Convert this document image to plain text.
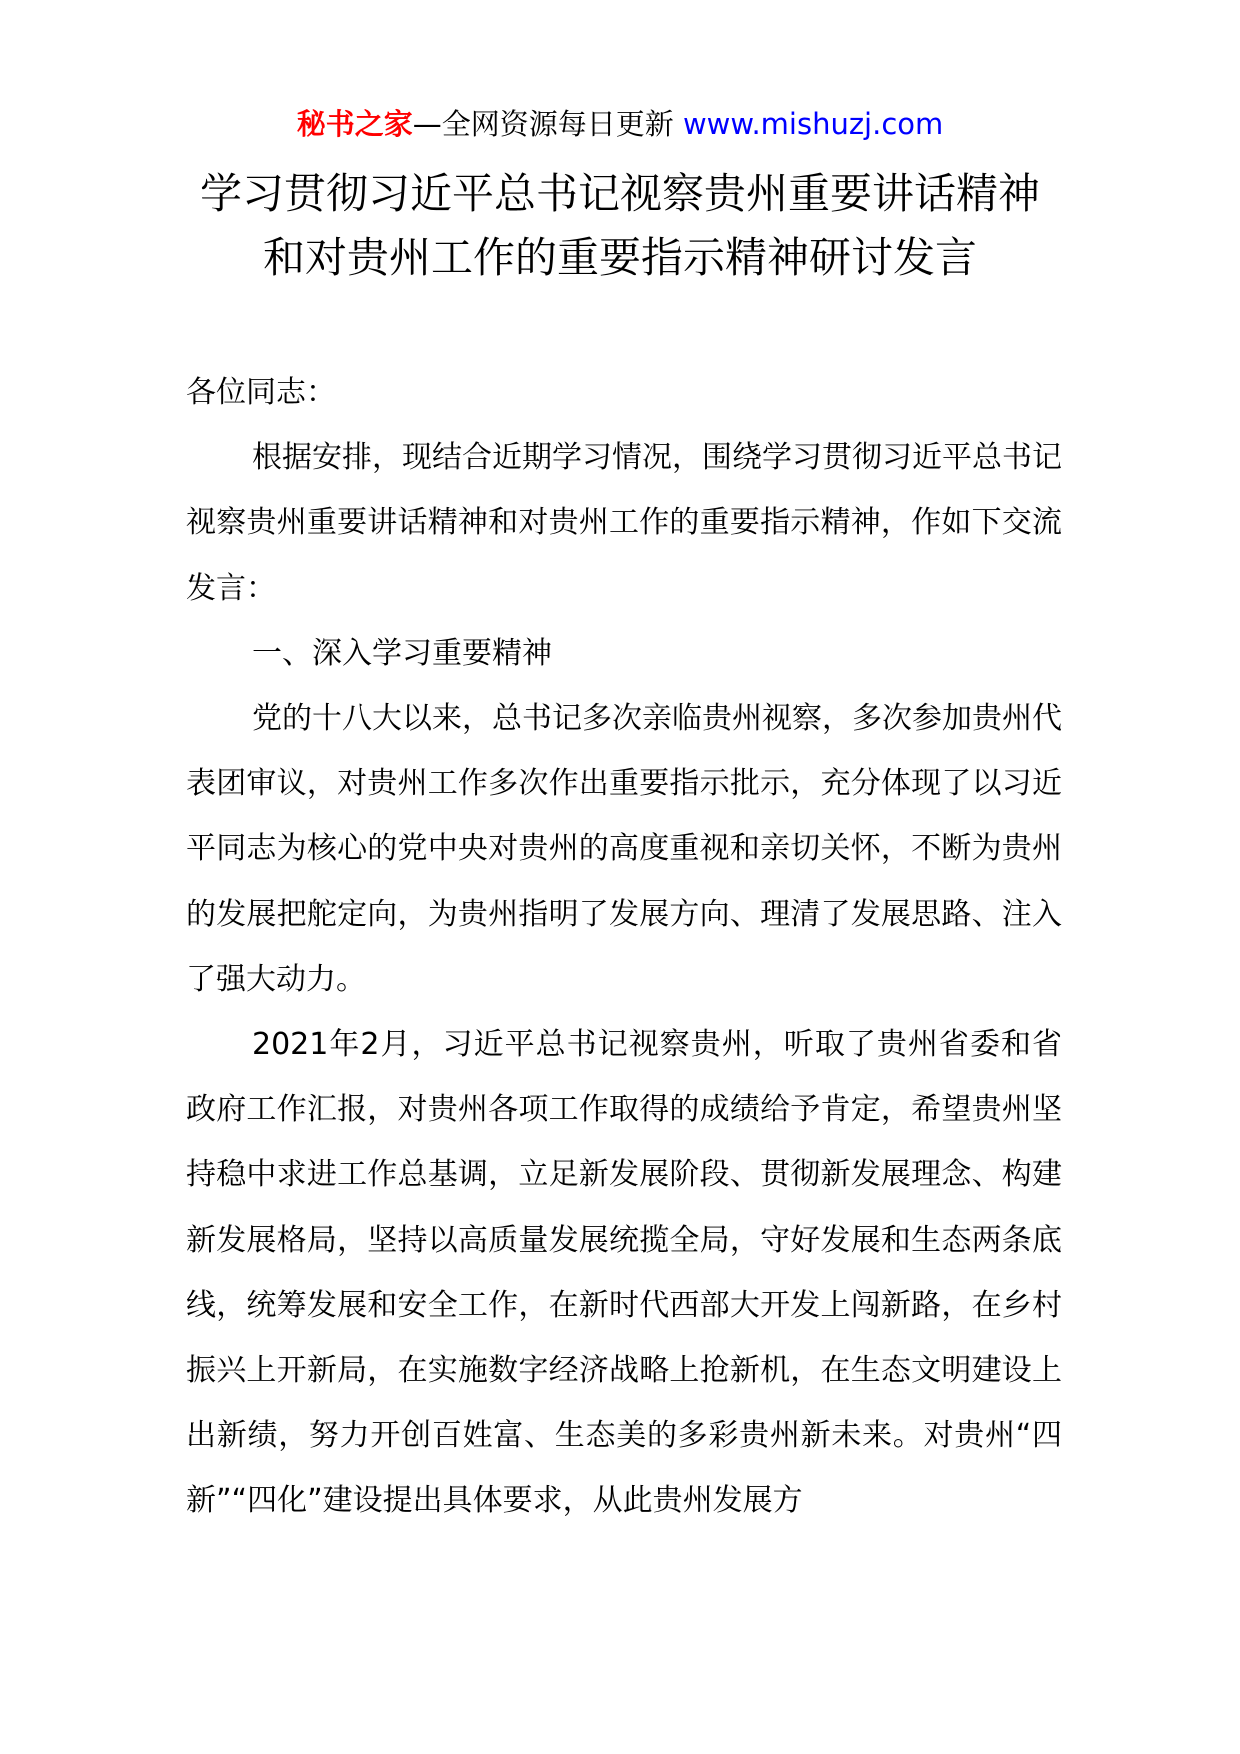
秘书之家—全网资源每日更新 www.mishuzj.com
学习贯彻习近平总书记视察贵州重要讲话精神
和对贵州工作的重要指示精神研讨发言

各位同志：

根据安排，现结合近期学习情况，围绕学习贯彻习近平总书记视察贵州重要讲话精神和对贵州工作的重要指示精神，作如下交流发言：

一、深入学习重要精神

党的十八大以来，总书记多次亲临贵州视察，多次参加贵州代表团审议，对贵州工作多次作出重要指示批示，充分体现了以习近平同志为核心的党中央对贵州的高度重视和亲切关怀，不断为贵州的发展把舵定向，为贵州指明了发展方向、理清了发展思路、注入了强大动力。

2021年2月，习近平总书记视察贵州，听取了贵州省委和省政府工作汇报，对贵州各项工作取得的成绩给予肯定，希望贵州坚持稳中求进工作总基调，立足新发展阶段、贯彻新发展理念、构建新发展格局，坚持以高质量发展统揽全局，守好发展和生态两条底线，统筹发展和安全工作，在新时代西部大开发上闯新路，在乡村振兴上开新局，在实施数字经济战略上抢新机，在生态文明建设上出新绩，努力开创百姓富、生态美的多彩贵州新未来。对贵州“四新”“四化”建设提出具体要求，从此贵州发展方
